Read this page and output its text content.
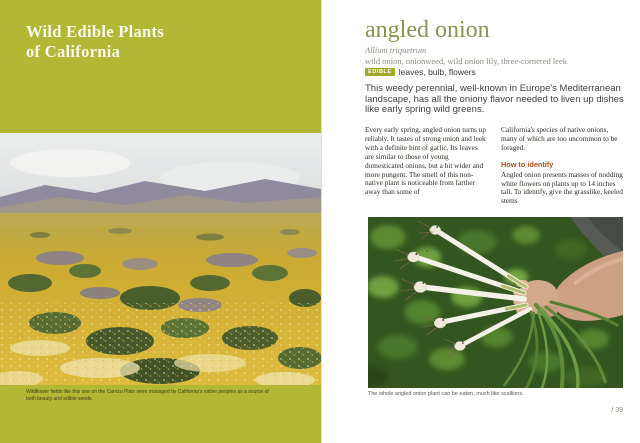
Wild Edible Plants
of California

Wildflower fields like this one on the Carrizo Plain were managed by California's native peoples as a source of both beauty and edible seeds.

angled onion

Allium triquetrum

wild onion, onionweed, wild onion lily, three-cornered leek

EDIBLE leaves, bulb, flowers

This weedy perennial, well-known in Europe's Mediterranean landscape, has all the oniony flavor needed to liven up dishes like early spring wild greens.

Every early spring, angled onion turns up reliably. It tastes of strong onion and leek with a definite hint of garlic. Its leaves are similar to those of young domesticated onions, but a bit wider and more pungent. The smell of this non-native plant is noticeable from farther away than some of

California's species of native onions, many of which are too uncommon to be foraged.

How to identify

Angled onion presents masses of nodding white flowers on plants up to 14 inches tall. To identify, give the grasslike, keeled stems

The whole angled onion plant can be eaten, much like scallions.

/ 39
